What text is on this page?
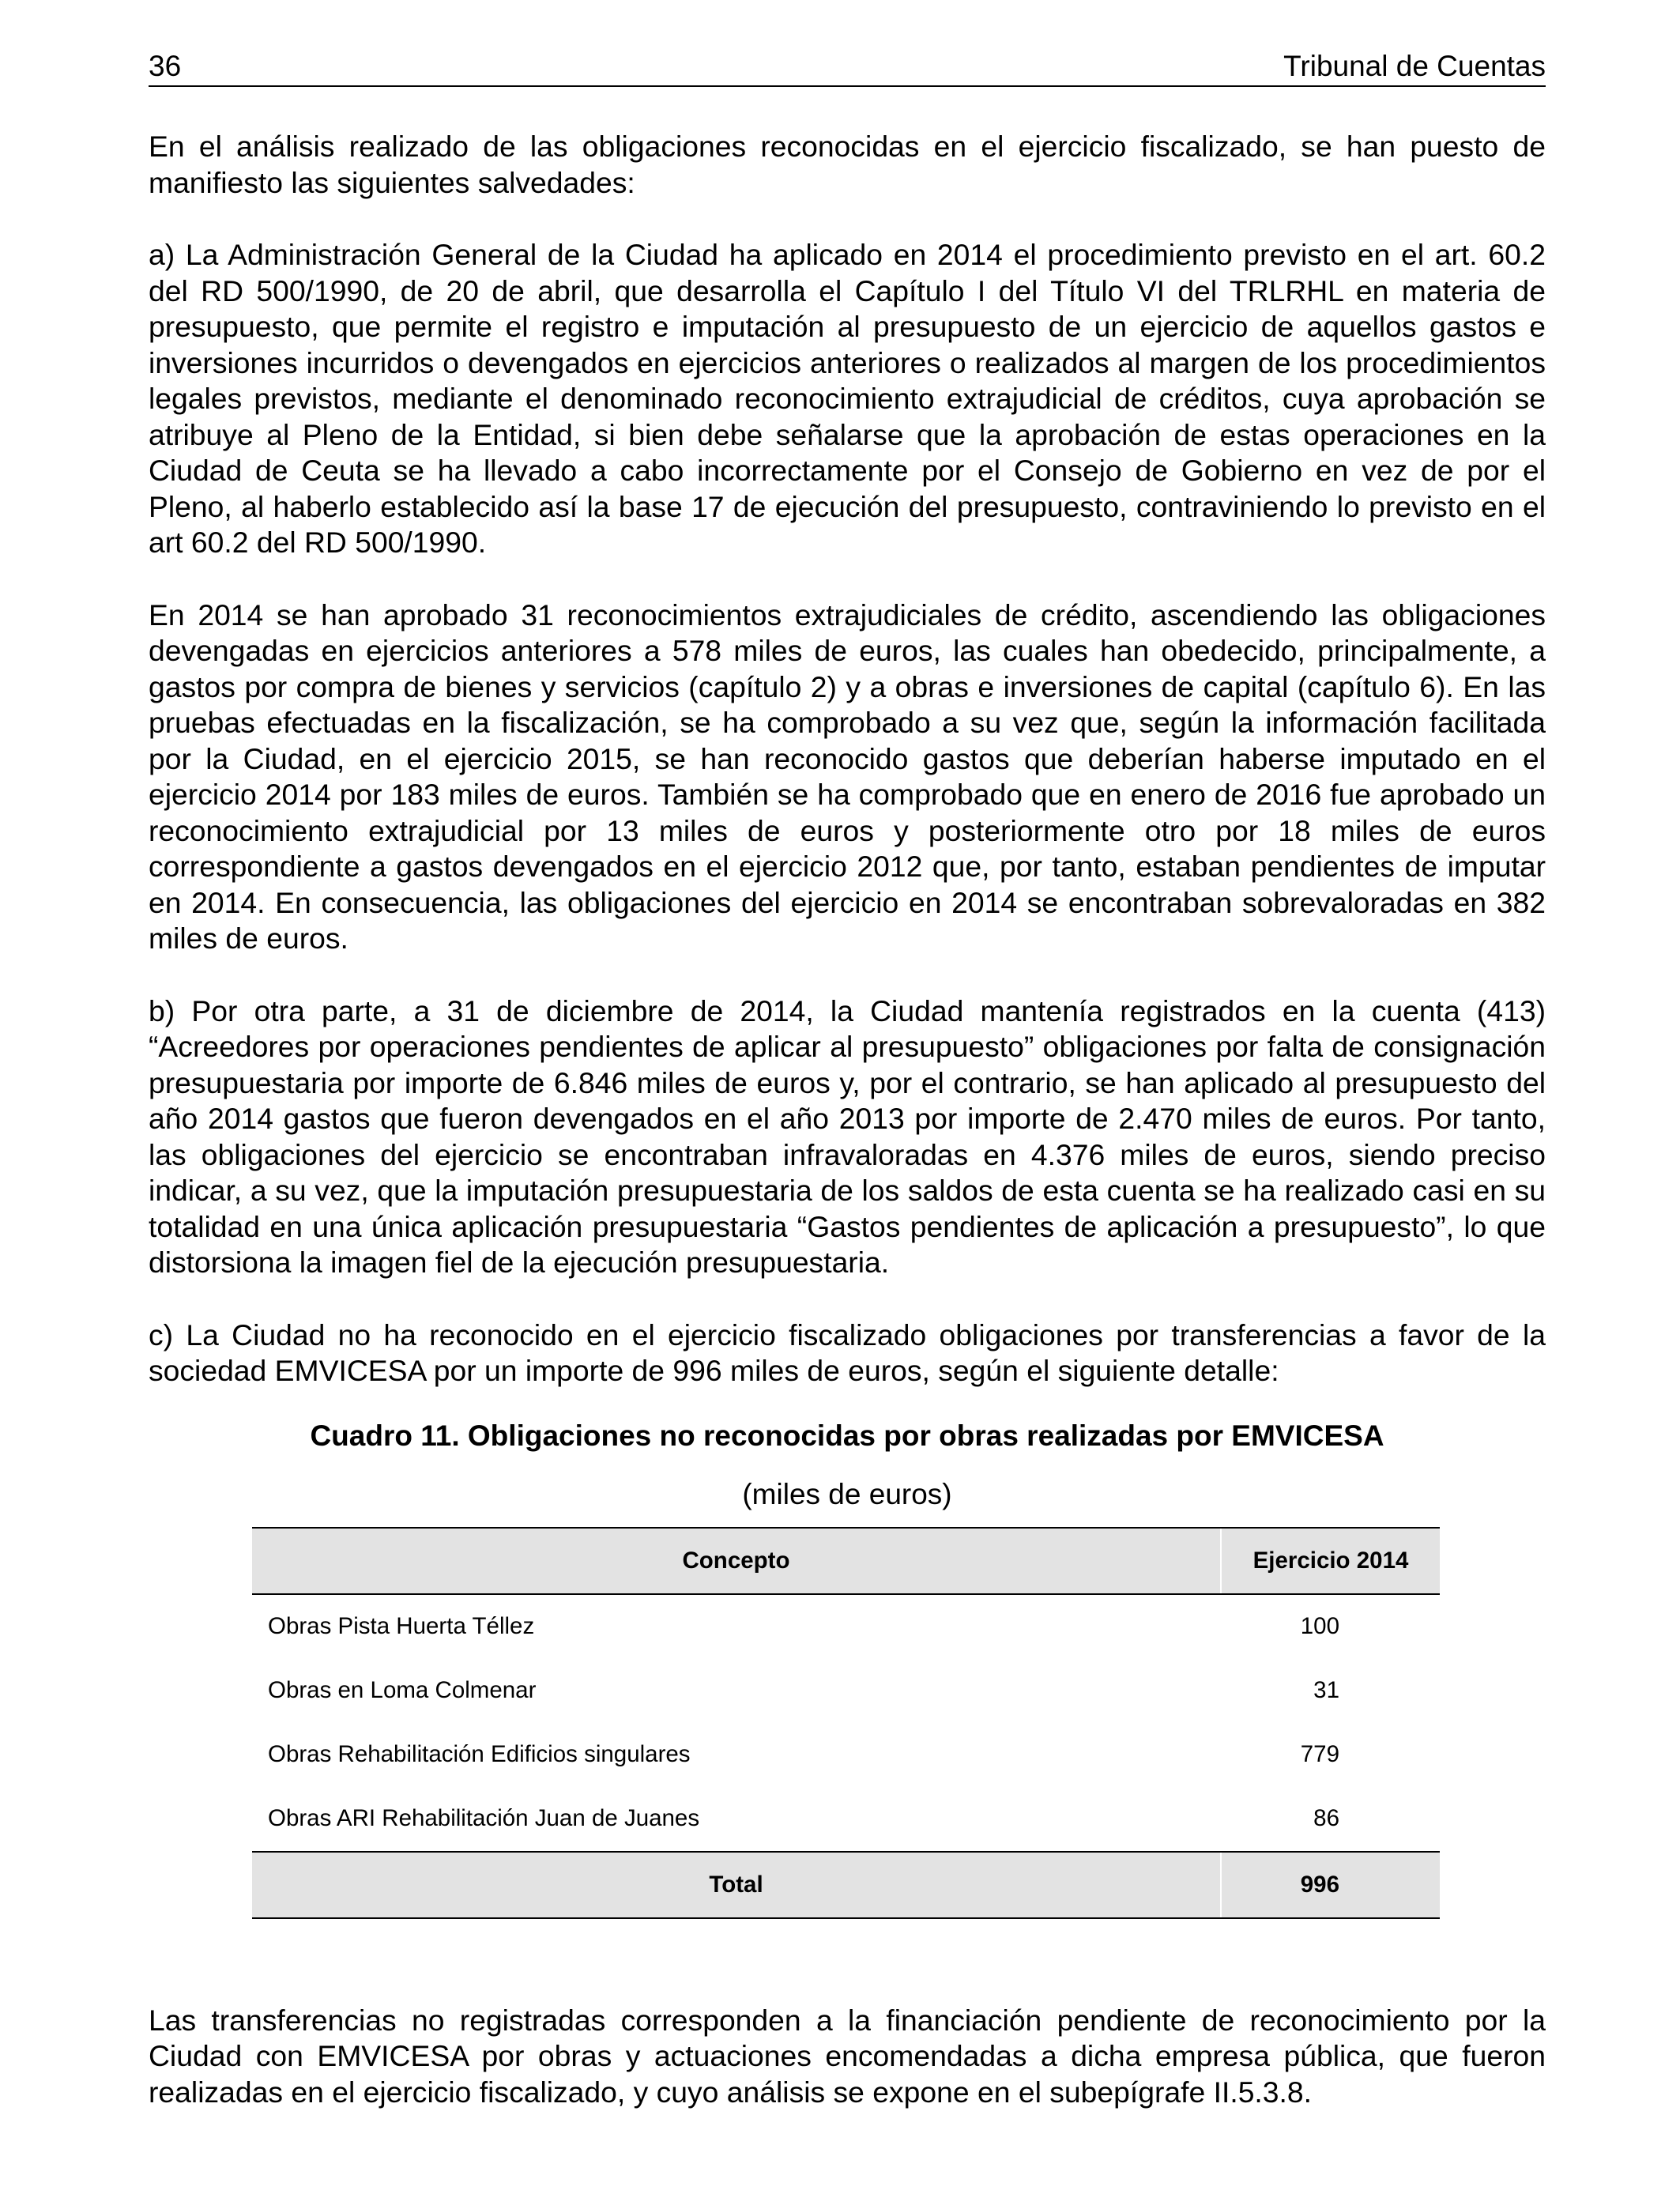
36	Tribunal de Cuentas

En el análisis realizado de las obligaciones reconocidas en el ejercicio fiscalizado, se han puesto de manifiesto las siguientes salvedades:

a) La Administración General de la Ciudad ha aplicado en 2014 el procedimiento previsto en el art. 60.2 del RD 500/1990, de 20 de abril, que desarrolla el Capítulo I del Título VI del TRLRHL en materia de presupuesto, que permite el registro e imputación al presupuesto de un ejercicio de aquellos gastos e inversiones incurridos o devengados en ejercicios anteriores o realizados al margen de los procedimientos legales previstos, mediante el denominado reconocimiento extrajudicial de créditos, cuya aprobación se atribuye al Pleno de la Entidad, si bien debe señalarse que la aprobación de estas operaciones en la Ciudad de Ceuta se ha llevado a cabo incorrectamente por el Consejo de Gobierno en vez de por el Pleno, al haberlo establecido así la base 17 de ejecución del presupuesto, contraviniendo lo previsto en el art 60.2 del RD 500/1990.

En 2014 se han aprobado 31 reconocimientos extrajudiciales de crédito, ascendiendo las obligaciones devengadas en ejercicios anteriores a 578 miles de euros, las cuales han obedecido, principalmente, a gastos por compra de bienes y servicios (capítulo 2) y a obras e inversiones de capital (capítulo 6). En las pruebas efectuadas en la fiscalización, se ha comprobado a su vez que, según la información facilitada por la Ciudad, en el ejercicio 2015, se han reconocido gastos que deberían haberse imputado en el ejercicio 2014 por 183 miles de euros. También se ha comprobado que en enero de 2016 fue aprobado un reconocimiento extrajudicial por 13 miles de euros y posteriormente otro por 18 miles de euros correspondiente a gastos devengados en el ejercicio 2012 que, por tanto, estaban pendientes de imputar en 2014. En consecuencia, las obligaciones del ejercicio en 2014 se encontraban sobrevaloradas en 382 miles de euros.

b) Por otra parte, a 31 de diciembre de 2014, la Ciudad mantenía registrados en la cuenta (413) “Acreedores por operaciones pendientes de aplicar al presupuesto” obligaciones por falta de consignación presupuestaria por importe de 6.846 miles de euros y, por el contrario, se han aplicado al presupuesto del año 2014 gastos que fueron devengados en el año 2013 por importe de 2.470 miles de euros. Por tanto, las obligaciones del ejercicio se encontraban infravaloradas en 4.376 miles de euros, siendo preciso indicar, a su vez, que la imputación presupuestaria de los saldos de esta cuenta se ha realizado casi en su totalidad en una única aplicación presupuestaria “Gastos pendientes de aplicación a presupuesto”, lo que distorsiona la imagen fiel de la ejecución presupuestaria.

c) La Ciudad no ha reconocido en el ejercicio fiscalizado obligaciones por transferencias a favor de la sociedad EMVICESA por un importe de 996 miles de euros, según el siguiente detalle:

Cuadro 11. Obligaciones no reconocidas por obras realizadas por EMVICESA
(miles de euros)
Concepto	Ejercicio 2014
Obras Pista Huerta Téllez	100
Obras en Loma Colmenar	31
Obras Rehabilitación Edificios singulares	779
Obras ARI Rehabilitación Juan de Juanes	86
Total	996

Las transferencias no registradas corresponden a la financiación pendiente de reconocimiento por la Ciudad con EMVICESA por obras y actuaciones encomendadas a dicha empresa pública, que fueron realizadas en el ejercicio fiscalizado, y cuyo análisis se expone en el subepígrafe II.5.3.8.
